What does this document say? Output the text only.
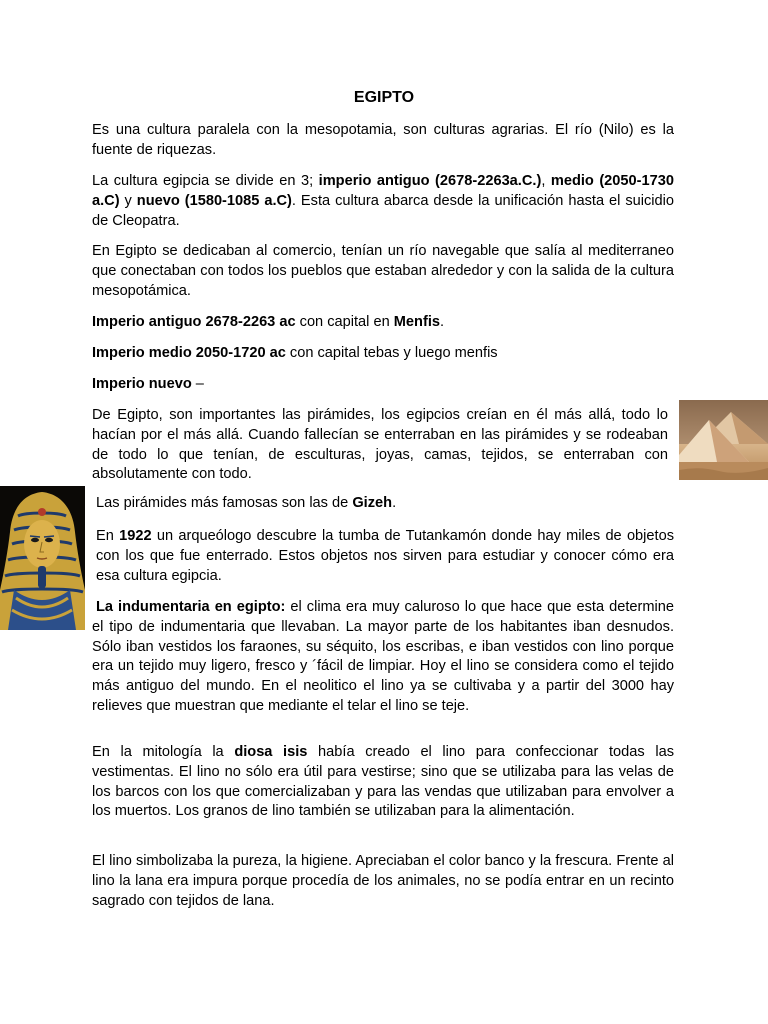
EGIPTO

Es una cultura paralela con la mesopotamia, son culturas agrarias. El río (Nilo) es la fuente de riquezas.

La cultura egipcia se divide en 3; imperio antiguo (2678-2263a.C.), medio (2050-1730 a.C) y nuevo (1580-1085 a.C). Esta cultura abarca desde la unificación hasta el suicidio de Cleopatra.

En Egipto se dedicaban al comercio, tenían un río navegable que salía al mediterraneo que conectaban con todos los pueblos que estaban alrededor y con la salida de la cultura mesopotámica.

Imperio antiguo 2678-2263 ac con capital en Menfis.

Imperio medio 2050-1720 ac con capital tebas y luego menfis

Imperio nuevo –

De Egipto, son importantes las pirámides, los egipcios creían en él más allá, todo lo hacían por el más allá. Cuando fallecían se enterraban en las pirámides y se rodeaban de todo lo que tenían, de esculturas, joyas, camas, tejidos, se enterraban con absolutamente con todo.

Las pirámides más famosas son las de Gizeh.

En 1922 un arqueólogo descubre la tumba de Tutankamón donde hay miles de objetos con los que fue enterrado. Estos objetos nos sirven para estudiar y conocer cómo era esa cultura egipcia.

La indumentaria en egipto: el clima era muy caluroso lo que hace que esta determine el tipo de indumentaria que llevaban. La mayor parte de los habitantes iban desnudos. Sólo iban vestidos los faraones, su séquito, los escribas, e iban vestidos con lino porque era un tejido muy ligero, fresco y ´fácil de limpiar. Hoy el lino se considera como el tejido más antiguo del mundo. En el neolitico el lino ya se cultivaba y a partir del 3000 hay relieves que muestran que mediante el telar el lino se teje.

En la mitología la diosa isis había creado el lino para confeccionar todas las vestimentas. El lino no sólo era útil para vestirse; sino que se utilizaba para las velas de los barcos con los que comercializaban y para las vendas que utilizaban para envolver a los muertos. Los granos de lino también se utilizaban para la alimentación.

El lino simbolizaba la pureza, la higiene. Apreciaban el color banco y la frescura. Frente al lino la lana era impura porque procedía de los animales, no se podía entrar en un recinto sagrado con tejidos de lana.
